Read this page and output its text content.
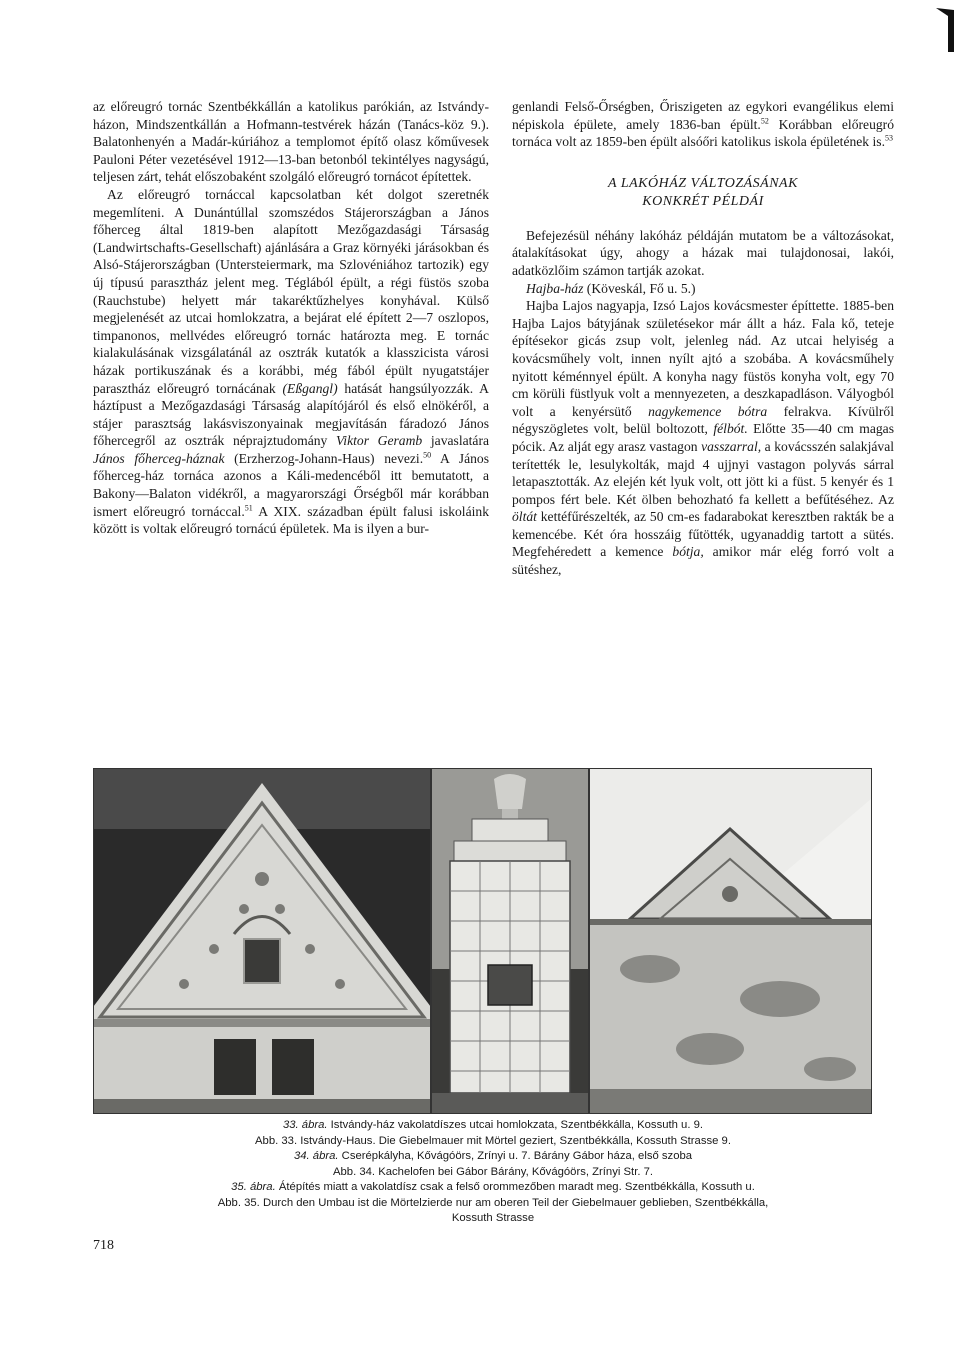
az előreugró tornác Szentbékkállán a katolikus parókián, az Istvándy-házon, Mindszentkállán a Hofmann-testvérek házán (Tanács-köz 9.). Balatonhenyén a Madár-kúriához a templomot építő olasz kőművesek Pauloni Péter vezetésével 1912—13-ban betonból tekintélyes nagyságú, teljesen zárt, tehát előszobaként szolgáló előreugró tornácot építettek.

Az előreugró tornáccal kapcsolatban két dolgot szeretnék megemlíteni. A Dunántúllal szomszédos Stájerországban a János főherceg által 1819-ben alapított Mezőgazdasági Társaság (Landwirtschafts-Gesellschaft) ajánlására a Graz környéki járásokban és Alsó-Stájerországban (Untersteiermark, ma Szlovéniához tartozik) egy új típusú parasztház jelent meg. Téglából épült, a régi füstös szoba (Rauchstube) helyett már takaréktűzhelyes konyhával. Külső megjelenését az utcai homlokzatra, a bejárat elé épített 2—7 oszlopos, timpanonos, mellvédes előreugró tornác határozta meg. E tornác kialakulásának vizsgálatánál az osztrák kutatók a klasszicista városi házak portikuszának és a korábbi, még fából épült nyugatstájer parasztház előreugró tornácának (Eßgangl) hatását hangsúlyozzák. A háztípust a Mezőgazdasági Társaság alapítójáról és első elnökéről, a stájer parasztság lakásviszonyainak megjavításán fáradozó János főhercegről az osztrák néprajztudomány Viktor Geramb javaslatára János főherceg-háznak (Erzherzog-Johann-Haus) nevezi.$^{50}$ A János főherceg-ház tornáca azonos a Káli-medencéből itt bemutatott, a Bakony—Balaton vidékről, a magyarországi Őrségből már korábban ismert előreugró tornáccal.$^{51}$ A XIX. században épült falusi iskoláink között is voltak előreugró tornácú épületek. Ma is ilyen a bur-

genlandi Felső-Őrségben, Őriszigeten az egykori evangélikus elemi népiskola épülete, amely 1836-ban épült.$^{52}$ Korábban előreugró tornáca volt az 1859-ben épült alsóőri katolikus iskola épületének is.$^{53}$

A LAKÓHÁZ VÁLTOZÁSÁNAK
KONKRÉT PÉLDÁI

Befejezésül néhány lakóház példáján mutatom be a változásokat, átalakításokat úgy, ahogy a házak mai tulajdonosai, lakói, adatközlőim számon tartják azokat.

Hajba-ház (Köveskál, Fő u. 5.)

Hajba Lajos nagyapja, Izsó Lajos kovácsmester építtette. 1885-ben Hajba Lajos bátyjának születésekor már állt a ház. Fala kő, teteje építésekor gicás zsup volt, jelenleg nád. Az utcai helyiség a kovácsműhely volt, innen nyílt ajtó a szobába. A kovácsműhely nyitott kéménnyel épült. A konyha nagy füstös konyha volt, egy 70 cm körüli füstlyuk volt a mennyezeten, a deszkapadláson. Vályogból volt a kenyérsütő nagykemence bótra felrakva. Kívülről négyszögletes volt, belül boltozott, félbót. Előtte 35—40 cm magas pócik. Az alját egy arasz vastagon vasszarral, a kovácsszén salakjával terítették le, lesulykolták, majd 4 ujjnyi vastagon polyvás sárral letapasztották. Az elején két lyuk volt, ott jött ki a füst. 5 kenyér és 1 pompos fért bele. Két ölben behozható fa kellett a befűtéséhez. Az öltát kettéfűrészelték, az 50 cm-es fadarabokat keresztben rakták be a kemencébe. Két óra hosszáig fűtötték, ugyanaddig tartott a sütés. Megfehéredett a kemence bótja, amikor már elég forró volt a sütéshez,

33. ábra. Istvándy-ház vakolatdíszes utcai homlokzata, Szentbékkálla, Kossuth u. 9.
Abb. 33. Istvándy-Haus. Die Giebelmauer mit Mörtel geziert, Szentbékkálla, Kossuth Strasse 9.
34. ábra. Cserépkályha, Kővágóörs, Zrínyi u. 7. Bárány Gábor háza, első szoba
Abb. 34. Kachelofen bei Gábor Bárány, Kővágóörs, Zrínyi Str. 7.
35. ábra. Átépítés miatt a vakolatdísz csak a felső orommezőben maradt meg. Szentbékkálla, Kossuth u.
Abb. 35. Durch den Umbau ist die Mörtelzierde nur am oberen Teil der Giebelmauer geblieben, Szentbékkálla,
Kossuth Strasse
718
